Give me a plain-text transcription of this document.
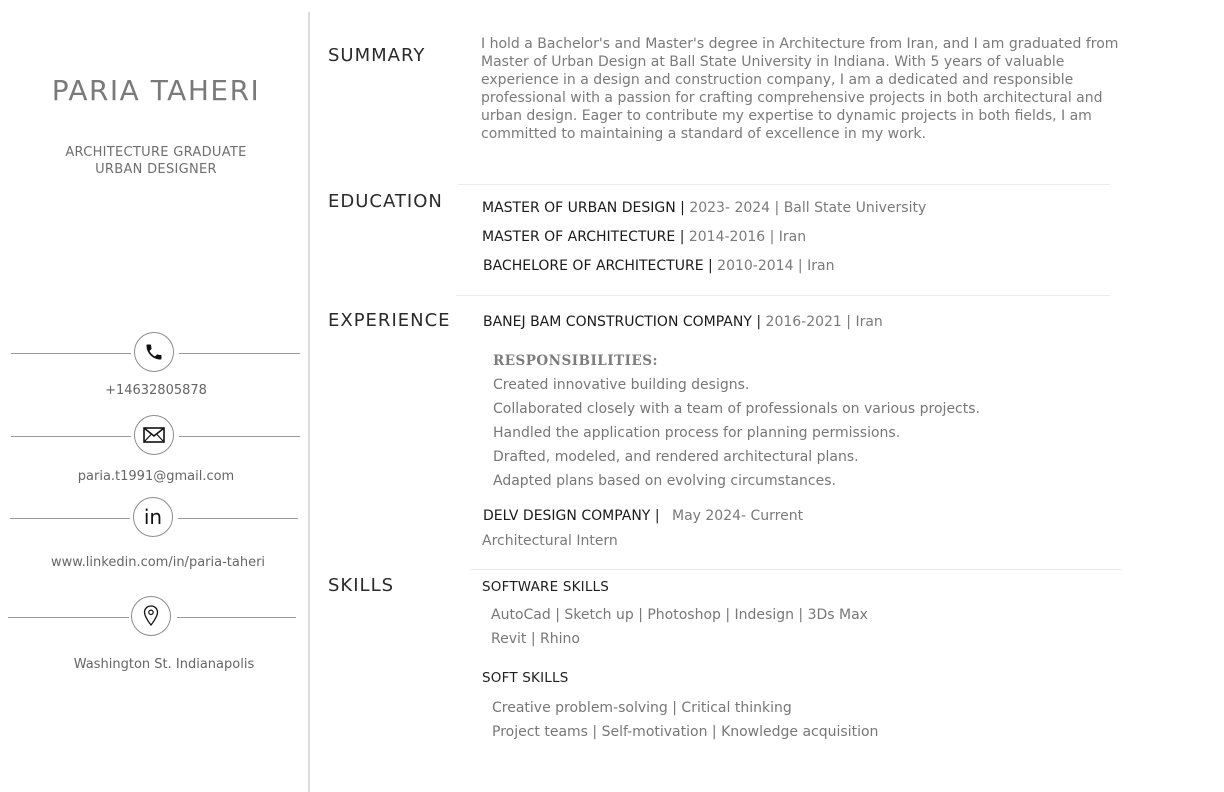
PARIA TAHERI
ARCHITECTURE GRADUATE
URBAN DESIGNER
+14632805878
paria.t1991@gmail.com
in
www.linkedin.com/in/paria-taheri
Washington St. Indianapolis
SUMMARY
I hold a Bachelor's and Master's degree in Architecture from Iran, and I am graduated from Master of Urban Design at Ball State University in Indiana. With 5 years of valuable experience in a design and construction company, I am a dedicated and responsible professional with a passion for crafting comprehensive projects in both architectural and urban design. Eager to contribute my expertise to dynamic projects in both fields, I am committed to maintaining a standard of excellence in my work.
EDUCATION	MASTER OF URBAN DESIGN | 2023- 2024 | Ball State University
MASTER OF ARCHITECTURE | 2014-2016 | Iran
BACHELORE OF ARCHITECTURE | 2010-2014 | Iran
EXPERIENCE BANEJ BAM CONSTRUCTION COMPANY | 2016-2021 | Iran
RESPONSIBILITIES:
Created innovative building designs.
Collaborated closely with a team of professionals on various projects.
Handled the application process for planning permissions.
Drafted, modeled, and rendered architectural plans.
Adapted plans based on evolving circumstances.
DELV DESIGN COMPANY | May 2024- Current
Architectural Intern
SKILLS	SOFTWARE SKILLS
AutoCad | Sketch up | Photoshop | Indesign | 3Ds Max
Revit | Rhino
SOFT SKILLS
Creative problem-solving | Critical thinking
Project teams | Self-motivation | Knowledge acquisition
